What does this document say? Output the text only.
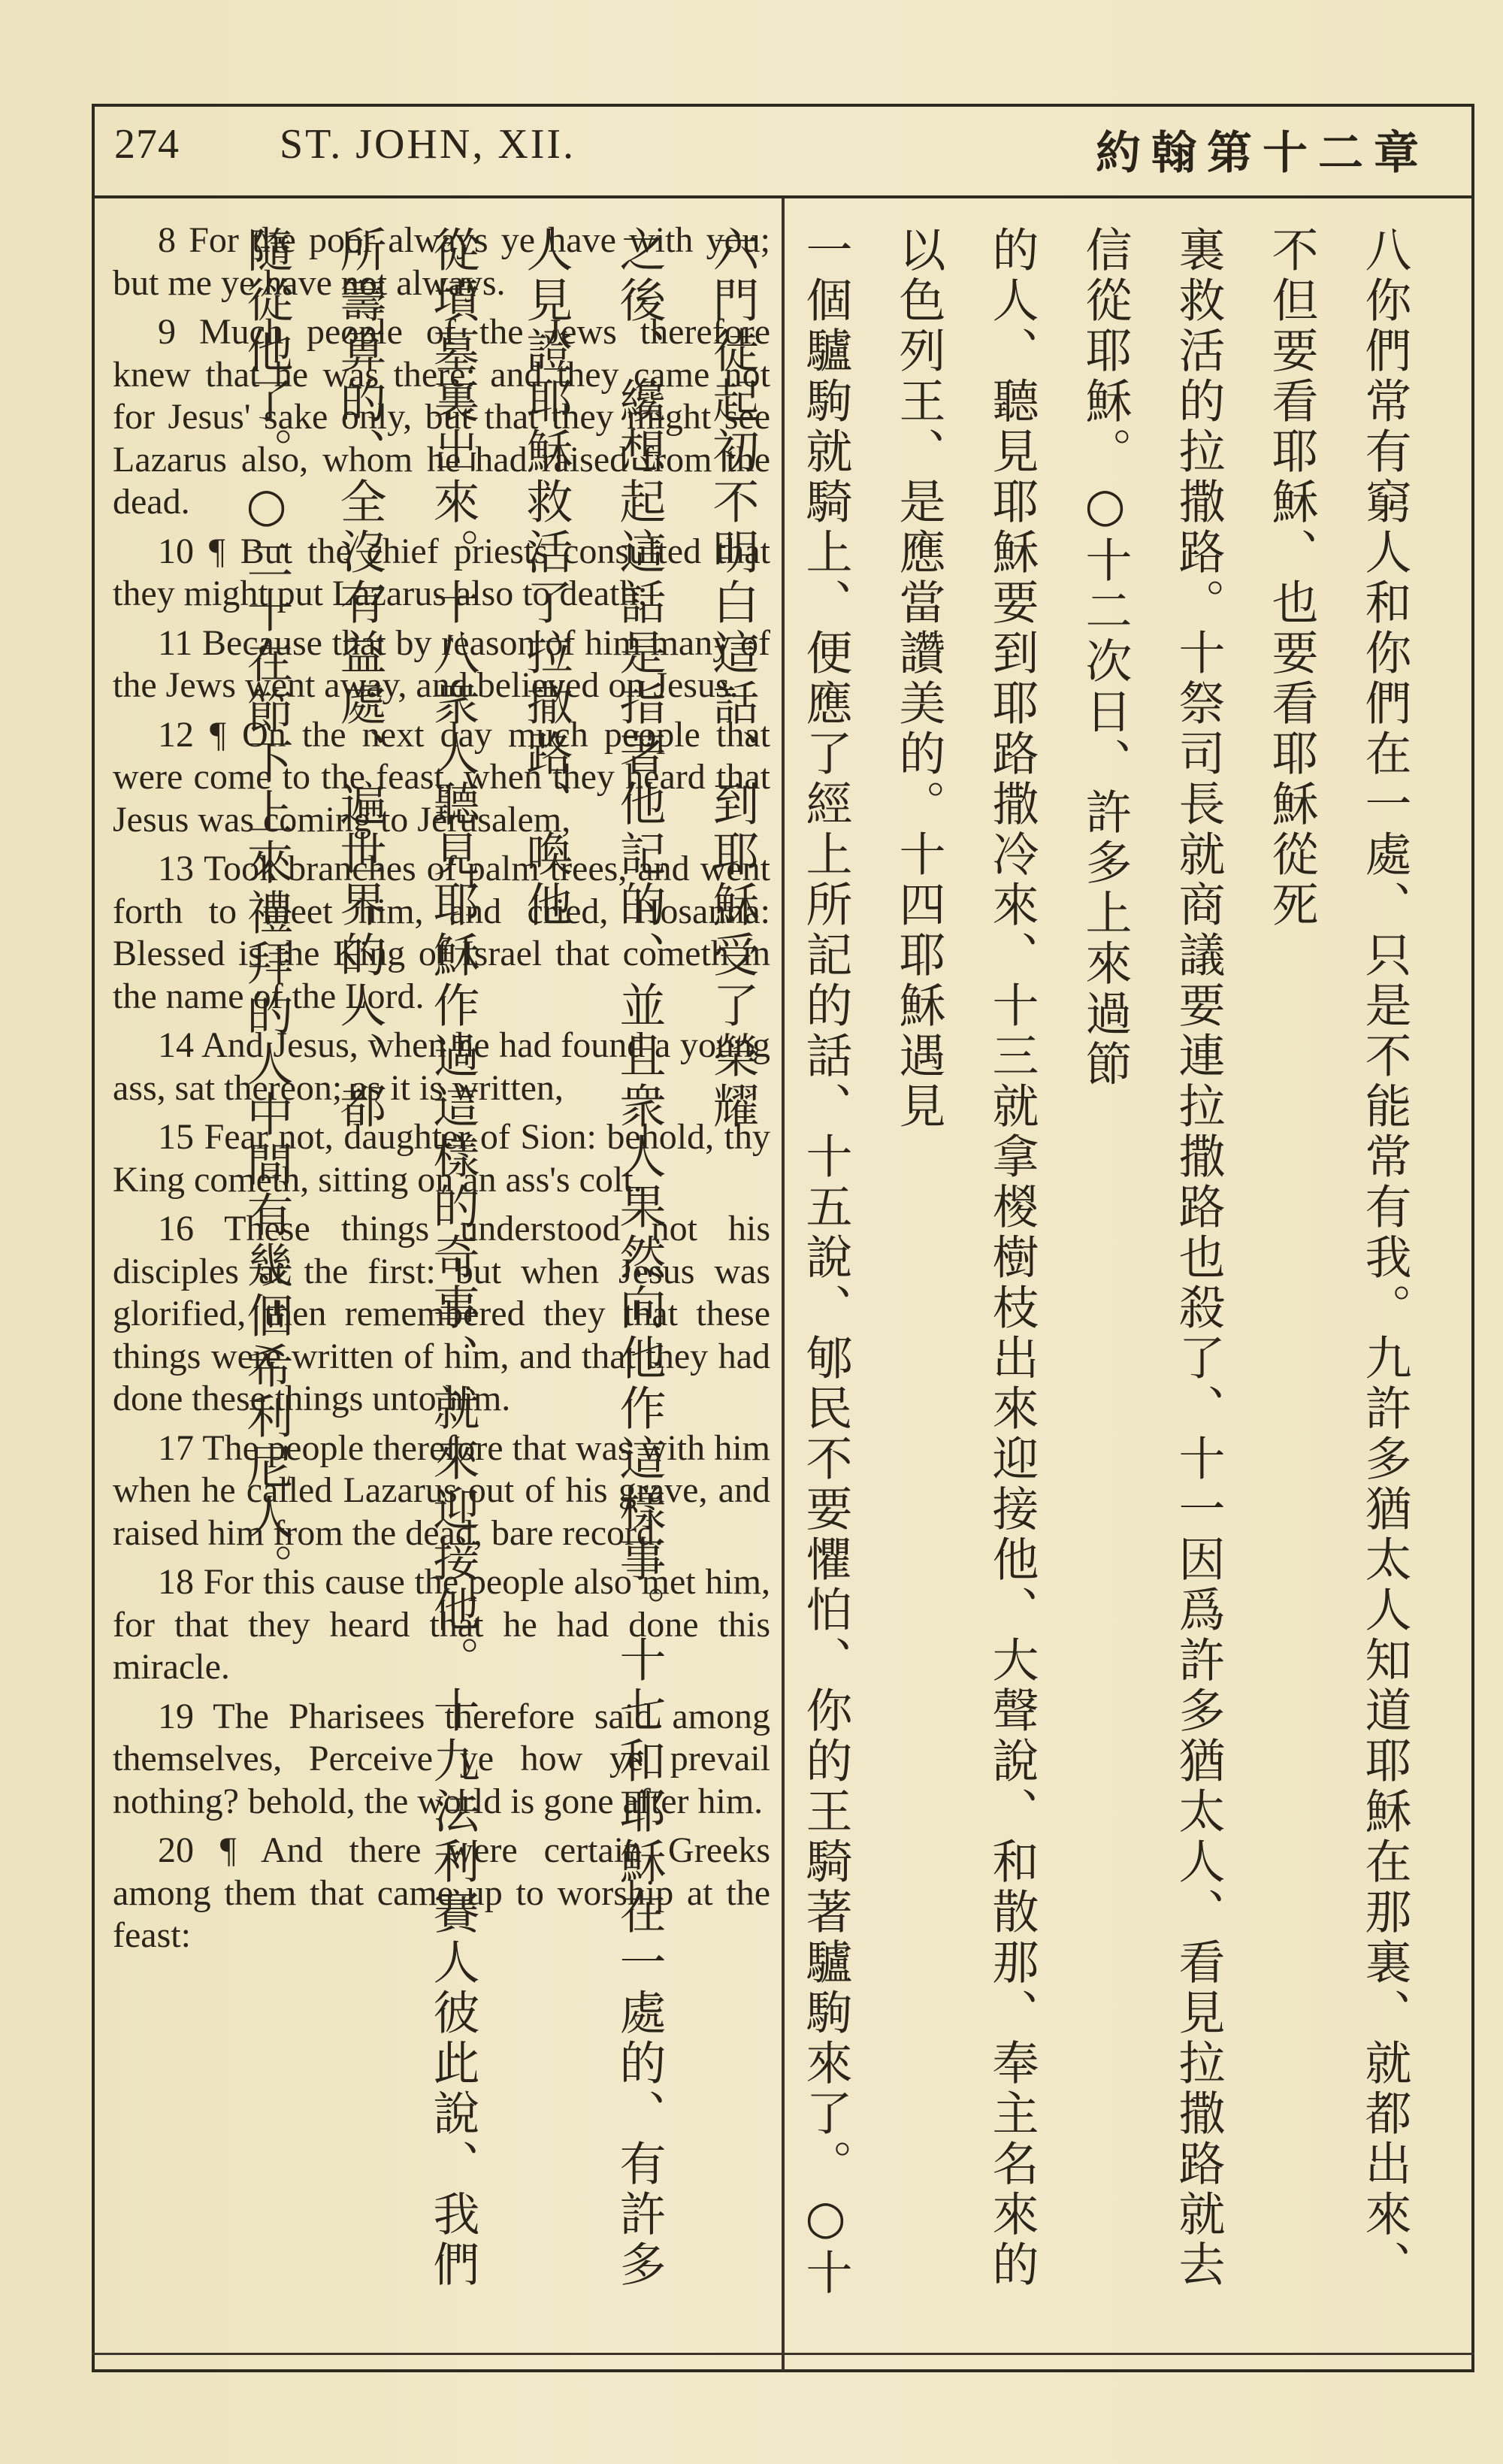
274 ST. JOHN, XII.	約翰第十二章

8 For the poor always ye have with you; but me ye have not always.

9 Much people of the Jews therefore knew that he was there: and they came not for Jesus' sake only, but that they might see Lazarus also, whom he had raised from the dead.

10 ¶ But the chief priests consulted that they might put Lazarus also to death;

11 Because that by reason of him many of the Jews went away, and believed on Jesus.

12 ¶ On the next day much people that were come to the feast, when they heard that Jesus was coming to Jerusalem,

13 Took branches of palm trees, and went forth to meet him, and cried, Hosanna: Blessed is the King of Israel that cometh in the name of the Lord.

14 And Jesus, when he had found a young ass, sat thereon; as it is written,

15 Fear not, daughter of Sion: behold, thy King cometh, sitting on an ass's colt.

16 These things understood not his disciples at the first: but when Jesus was glorified, then remembered they that these things were written of him, and that they had done these things unto him.

17 The people therefore that was with him when he called Lazarus out of his grave, and raised him from the dead, bare record.

18 For this cause the people also met him, for that they heard that he had done this miracle.

19 The Pharisees therefore said among themselves, Perceive ye how ye prevail nothing? behold, the world is gone after him.

20 ¶ And there were certain Greeks among them that came up to worship at the feast:	八你們常有窮人和你們在一處、只是不能常有我。九許多猶太人知道耶穌在那裏、就都出來、不但要看耶穌、也要看耶穌從死
裏救活的拉撒路。十祭司長就商議要連拉撒路也殺了、十一因爲許多猶太人、看見拉撒路就去信從耶穌。○十二次日、許多上來過節
的人、聽見耶穌要到耶路撒冷來、十三就拿椶樹枝出來迎接他、大聲說、和散那、奉主名來的以色列王、是應當讚美的。十四耶穌遇見
一個驢駒就騎上、便應了經上所記的話、十五說、郇民不要懼怕、你的王騎著驢駒來了。○十六門徒起初不明白這話、到耶穌受了榮耀
之後、纔想起這話是指著他記的、並且衆人果然向他作這樣事。十七和耶穌在一處的、有許多人見證耶穌救活了拉撒路、喚他
從墳墓裏出來。十八衆人聽見耶穌作過這樣的奇事、就來迎接他。十九法利賽人彼此說、我們所籌算的、全沒有益處、遍世界的人、都
隨從他了。○二十在節下上來禮拜的人中間有幾個希利尼人。
